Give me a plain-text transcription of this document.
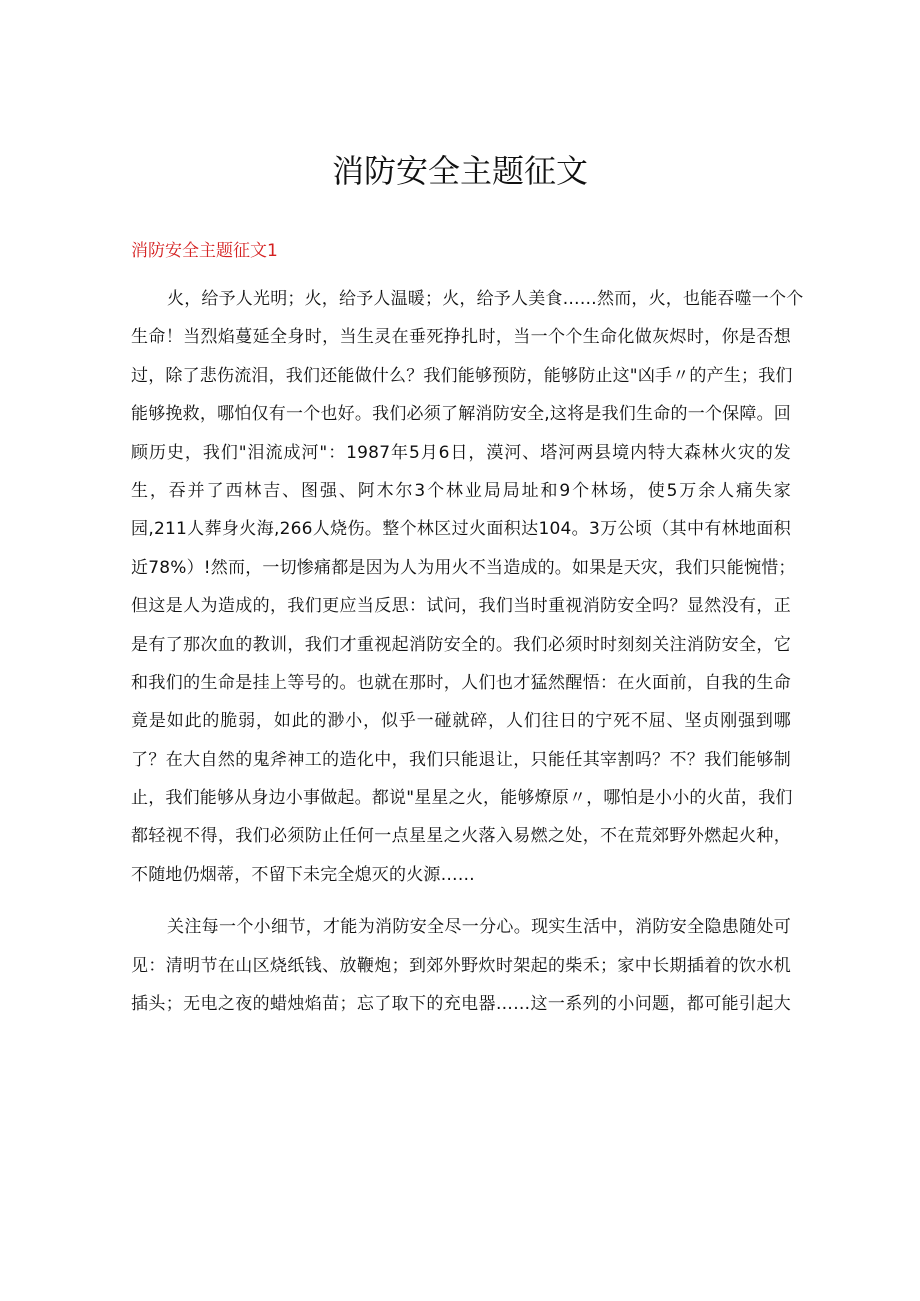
消防安全主题征文
消防安全主题征文1
火，给予人光明；火，给予人温暖；火，给予人美食……然而，火，也能吞噬一个个
生命！当烈焰蔓延全身时，当生灵在垂死挣扎时，当一个个生命化做灰烬时，你是否想
过，除了悲伤流泪，我们还能做什么？我们能够预防，能够防止这"凶手〃的产生；我们
能够挽救，哪怕仅有一个也好。我们必须了解消防安全,这将是我们生命的一个保障。回
顾历史，我们"泪流成河"：1987年5月6日，漠河、塔河两县境内特大森林火灾的发
生，吞并了西林吉、图强、阿木尔3个林业局局址和9个林场，使5万余人痛失家
园,211人葬身火海,266人烧伤。整个林区过火面积达104。3万公顷（其中有林地面积
近78%）!然而，一切惨痛都是因为人为用火不当造成的。如果是天灾，我们只能惋惜；
但这是人为造成的，我们更应当反思：试问，我们当时重视消防安全吗？显然没有，正
是有了那次血的教训，我们才重视起消防安全的。我们必须时时刻刻关注消防安全，它
和我们的生命是挂上等号的。也就在那时，人们也才猛然醒悟：在火面前，自我的生命
竟是如此的脆弱，如此的渺小，似乎一碰就碎，人们往日的宁死不屈、坚贞刚强到哪
了？在大自然的鬼斧神工的造化中，我们只能退让，只能任其宰割吗？不？我们能够制
止，我们能够从身边小事做起。都说"星星之火，能够燎原〃，哪怕是小小的火苗，我们
都轻视不得，我们必须防止任何一点星星之火落入易燃之处，不在荒郊野外燃起火种，
不随地仍烟蒂，不留下未完全熄灭的火源……
关注每一个小细节，才能为消防安全尽一分心。现实生活中，消防安全隐患随处可
见：清明节在山区烧纸钱、放鞭炮；到郊外野炊时架起的柴禾；家中长期插着的饮水机
插头；无电之夜的蜡烛焰苗；忘了取下的充电器……这一系列的小问题，都可能引起大
